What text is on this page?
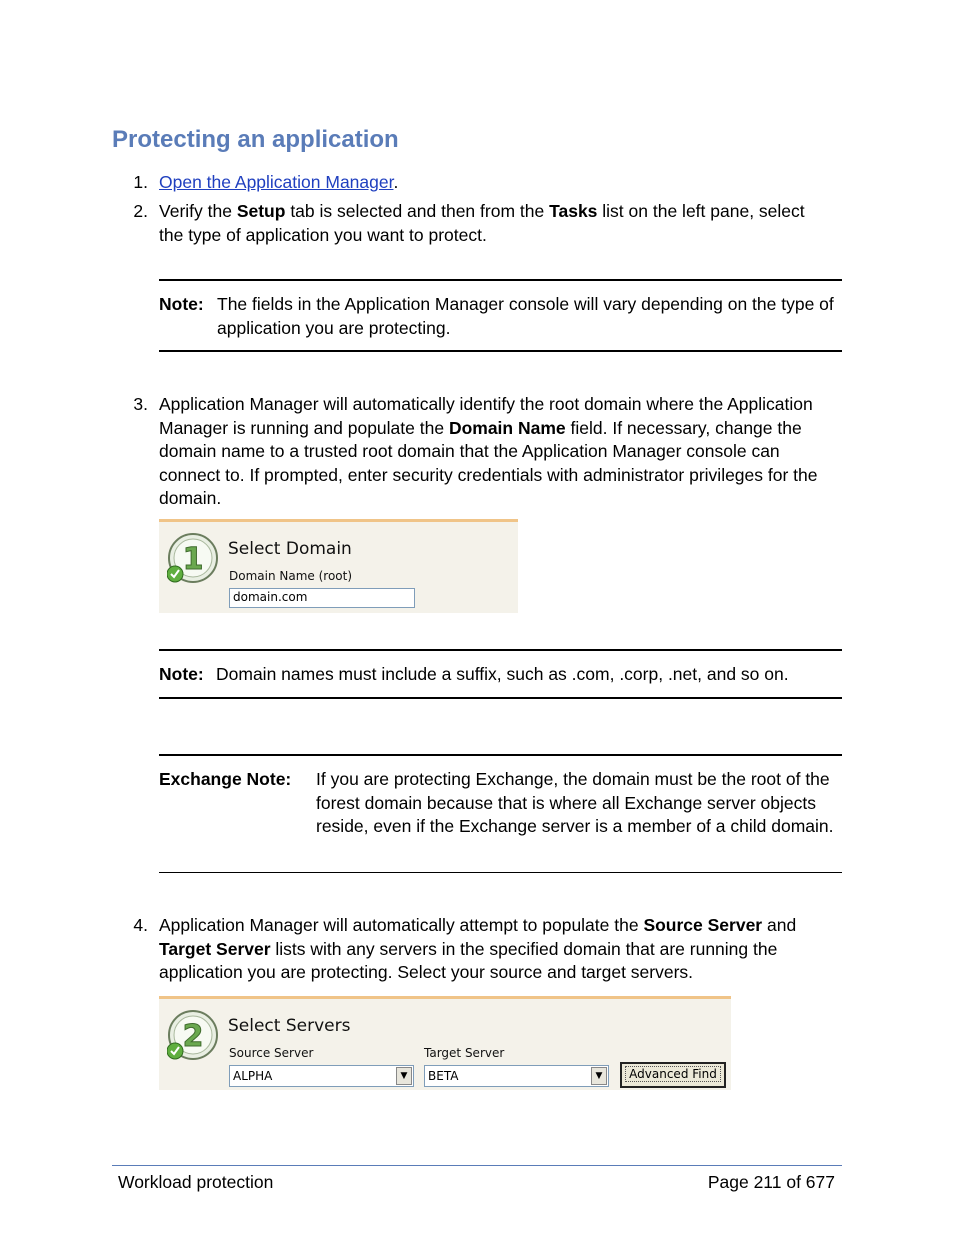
Protecting an application
1. Open the Application Manager.
2. Verify the Setup tab is selected and then from the Tasks list on the left pane, select the type of application you want to protect.
Note: The fields in the Application Manager console will vary depending on the type of application you are protecting.
3. Application Manager will automatically identify the root domain where the Application Manager is running and populate the Domain Name field. If necessary, change the domain name to a trusted root domain that the Application Manager console can connect to. If prompted, enter security credentials with administrator privileges for the domain.
1 Select Domain
Domain Name (root)
domain.com
Note: Domain names must include a suffix, such as .com, .corp, .net, and so on.
Exchange Note: If you are protecting Exchange, the domain must be the root of the forest domain because that is where all Exchange server objects reside, even if the Exchange server is a member of a child domain.
4. Application Manager will automatically attempt to populate the Source Server and Target Server lists with any servers in the specified domain that are running the application you are protecting. Select your source and target servers.
2 Select Servers
Source Server
ALPHA	▼
Target Server
BETA	▼	Advanced Find
Workload protection	Page 211 of 677
